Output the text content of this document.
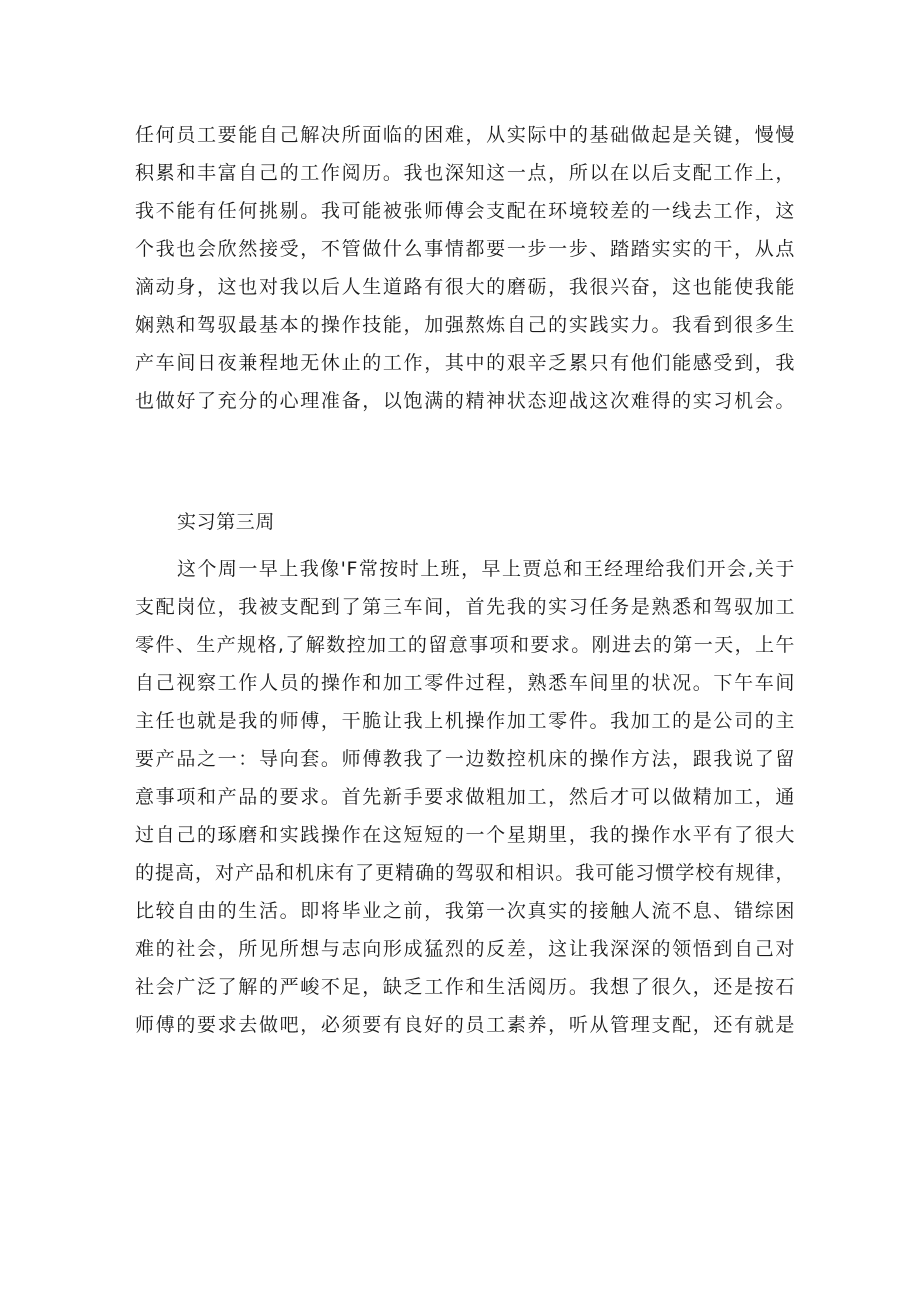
任何员工要能自己解决所面临的困难，从实际中的基础做起是关键，慢慢
积累和丰富自己的工作阅历。我也深知这一点，所以在以后支配工作上，
我不能有任何挑剔。我可能被张师傅会支配在环境较差的一线去工作，这
个我也会欣然接受，不管做什么事情都要一步一步、踏踏实实的干，从点
滴动身，这也对我以后人生道路有很大的磨砺，我很兴奋，这也能使我能
娴熟和驾驭最基本的操作技能，加强熬炼自己的实践实力。我看到很多生
产车间日夜兼程地无休止的工作，其中的艰辛乏累只有他们能感受到，我
也做好了充分的心理准备，以饱满的精神状态迎战这次难得的实习机会。
实习第三周
这个周一早上我像'F常按时上班，早上贾总和王经理给我们开会,关于
支配岗位，我被支配到了第三车间，首先我的实习任务是熟悉和驾驭加工
零件、生产规格,了解数控加工的留意事项和要求。刚进去的第一天，上午
自己视察工作人员的操作和加工零件过程，熟悉车间里的状况。下午车间
主任也就是我的师傅，干脆让我上机操作加工零件。我加工的是公司的主
要产品之一：导向套。师傅教我了一边数控机床的操作方法，跟我说了留
意事项和产品的要求。首先新手要求做粗加工，然后才可以做精加工，通
过自己的琢磨和实践操作在这短短的一个星期里，我的操作水平有了很大
的提高，对产品和机床有了更精确的驾驭和相识。我可能习惯学校有规律，
比较自由的生活。即将毕业之前，我第一次真实的接触人流不息、错综困
难的社会，所见所想与志向形成猛烈的反差，这让我深深的领悟到自己对
社会广泛了解的严峻不足，缺乏工作和生活阅历。我想了很久，还是按石
师傅的要求去做吧，必须要有良好的员工素养，听从管理支配，还有就是
